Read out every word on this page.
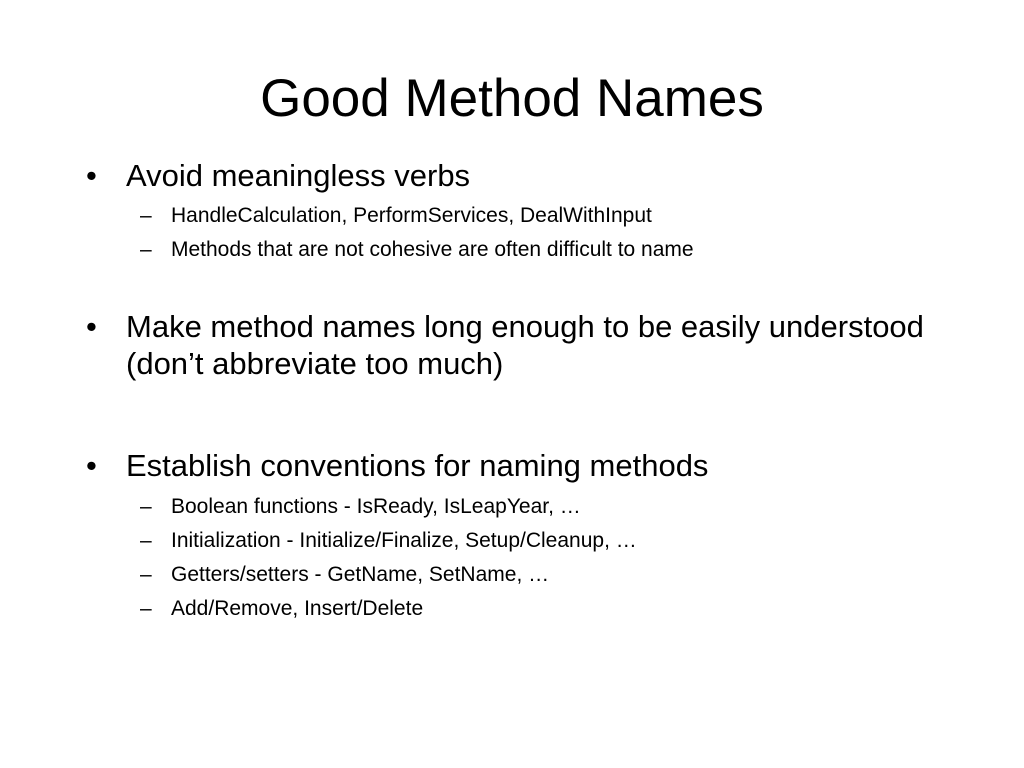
Good Method Names
• Avoid meaningless verbs
– HandleCalculation, PerformServices, DealWithInput
– Methods that are not cohesive are often difficult to name
• Make method names long enough to be easily understood (don’t abbreviate too much)
• Establish conventions for naming methods
– Boolean functions - IsReady, IsLeapYear, …
– Initialization - Initialize/Finalize, Setup/Cleanup, …
– Getters/setters - GetName, SetName, …
– Add/Remove, Insert/Delete
